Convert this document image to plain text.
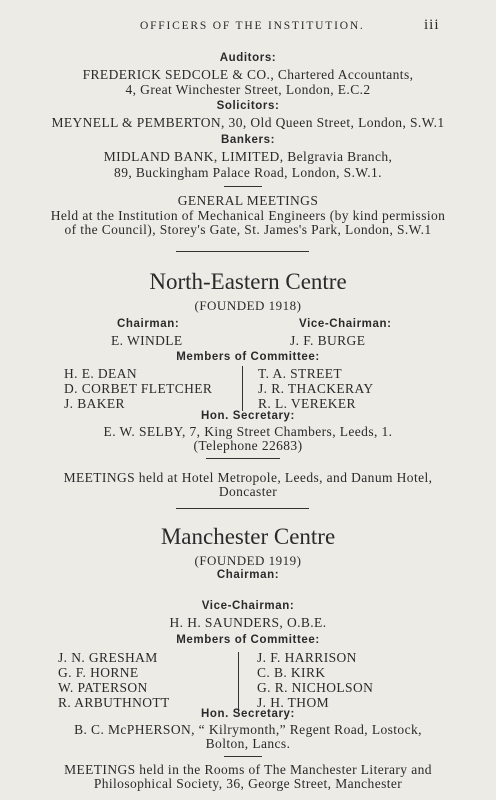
OFFICERS OF THE INSTITUTION.	iii
Auditors:
FREDERICK SEDCOLE & CO., Chartered Accountants,
4, Great Winchester Street, London, E.C.2
Solicitors:
MEYNELL & PEMBERTON, 30, Old Queen Street, London, S.W.1
Bankers:
MIDLAND BANK, LIMITED, Belgravia Branch,
89, Buckingham Palace Road, London, S.W.1.
GENERAL MEETINGS
Held at the Institution of Mechanical Engineers (by kind permission
of the Council), Storey's Gate, St. James's Park, London, S.W.1
North-Eastern Centre
(FOUNDED 1918)
Chairman:
E. WINDLE
Vice-Chairman:
J. F. BURGE
Members of Committee:
H. E. DEAN
D. CORBET FLETCHER
J. BAKER
T. A. STREET
J. R. THACKERAY
R. L. VEREKER
Hon. Secretary:
E. W. SELBY, 7, King Street Chambers, Leeds, 1.
(Telephone 22683)
MEETINGS held at Hotel Metropole, Leeds, and Danum Hotel,
Doncaster
Manchester Centre
(FOUNDED 1919)
Chairman:
Vice-Chairman:
H. H. SAUNDERS, O.B.E.
Members of Committee:
J. N. GRESHAM
G. F. HORNE
W. PATERSON
R. ARBUTHNOTT
J. F. HARRISON
C. B. KIRK
G. R. NICHOLSON
J. H. THOM
Hon. Secretary:
B. C. McPHERSON, “ Kilrymonth,” Regent Road, Lostock,
Bolton, Lancs.
MEETINGS held in the Rooms of The Manchester Literary and
Philosophical Society, 36, George Street, Manchester
